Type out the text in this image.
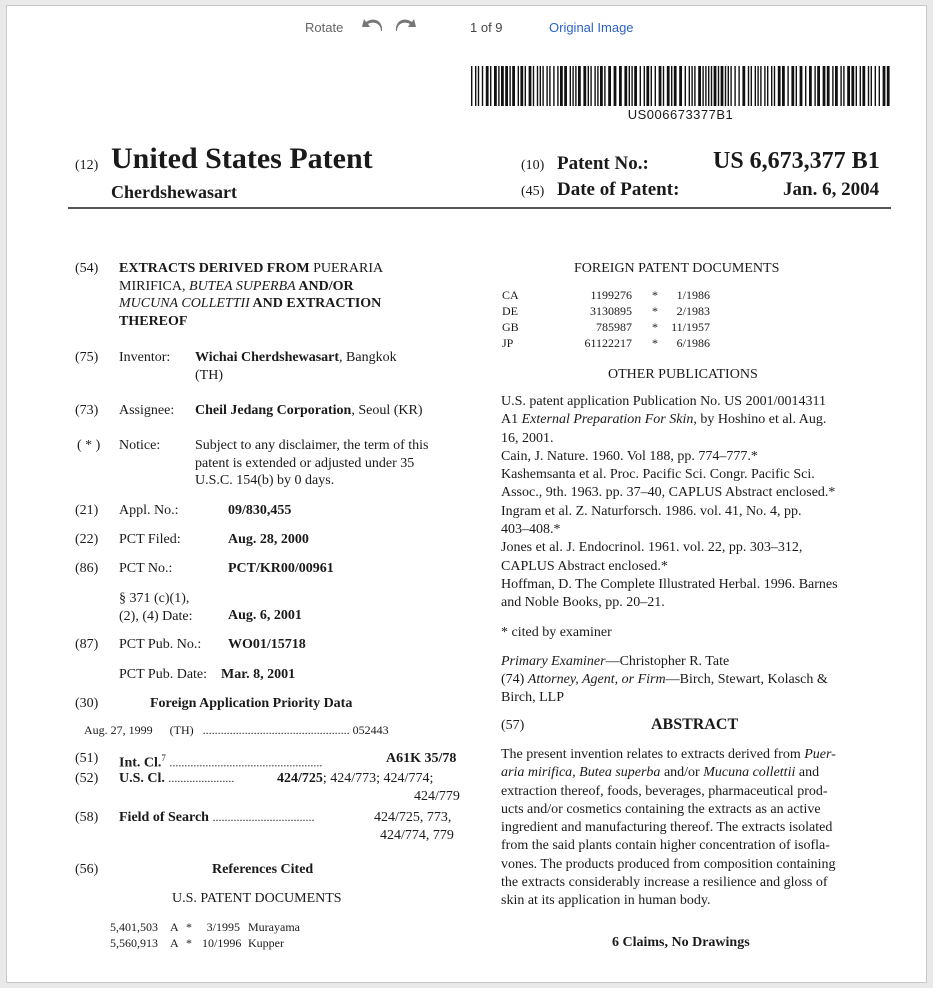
Rotate	1 of 9	Original Image
US006673377B1
(12) United States Patent
Cherdshewasart
(10) Patent No.:	US 6,673,377 B1
(45) Date of Patent:	Jan. 6, 2004
(54) EXTRACTS DERIVED FROM PUERARIA
MIRIFICA, BUTEA SUPERBA AND/OR
MUCUNA COLLETTII AND EXTRACTION
THEREOF
(75) Inventor: Wichai Cherdshewasart, Bangkok
(TH)
(73) Assignee: Cheil Jedang Corporation, Seoul (KR)
( * ) Notice: Subject to any disclaimer, the term of this
patent is extended or adjusted under 35
U.S.C. 154(b) by 0 days.
(21) Appl. No.:	09/830,455
(22) PCT Filed:	Aug. 28, 2000
(86) PCT No.:	PCT/KR00/00961
§ 371 (c)(1),
(2), (4) Date:	Aug. 6, 2001
(87) PCT Pub. No.: WO01/15718
PCT Pub. Date: Mar. 8, 2001
(30)	Foreign Application Priority Data
Aug. 27, 1999 (TH) ................................................. 052443
(51) Int. Cl.$^7$ ...................................................	A61K 35/78
(52) U.S. Cl. ......................	424/725; 424/773; 424/774;
424/779
(58) Field of Search ..................................	424/725, 773,
424/774, 779
(56)	References Cited
U.S. PATENT DOCUMENTS
5,401,503 A * 3/1995 Murayama
5,560,913 A * 10/1996 Kupper
FOREIGN PATENT DOCUMENTS
CA	1199276 * 1/1986
DE	3130895 * 2/1983
GB	785987 * 11/1957
JP	61122217 * 6/1986
OTHER PUBLICATIONS
U.S. patent application Publication No. US 2001/0014311
A1 External Preparation For Skin, by Hoshino et al. Aug.
16, 2001.
Cain, J. Nature. 1960. Vol 188, pp. 774–777.*
Kashemsanta et al. Proc. Pacific Sci. Congr. Pacific Sci.
Assoc., 9th. 1963. pp. 37–40, CAPLUS Abstract enclosed.*
Ingram et al. Z. Naturforsch. 1986. vol. 41, No. 4, pp.
403–408.*
Jones et al. J. Endocrinol. 1961. vol. 22, pp. 303–312,
CAPLUS Abstract enclosed.*
Hoffman, D. The Complete Illustrated Herbal. 1996. Barnes
and Noble Books, pp. 20–21.
* cited by examiner
Primary Examiner—Christopher R. Tate
(74) Attorney, Agent, or Firm—Birch, Stewart, Kolasch &
Birch, LLP
(57)	ABSTRACT
The present invention relates to extracts derived from Puer-
aria mirifica, Butea superba and/or Mucuna collettii and
extraction thereof, foods, beverages, pharmaceutical prod-
ucts and/or cosmetics containing the extracts as an active
ingredient and manufacturing thereof. The extracts isolated
from the said plants contain higher concentration of isofla-
vones. The products produced from composition containing
the extracts considerably increase a resilience and gloss of
skin at its application in human body.
6 Claims, No Drawings
